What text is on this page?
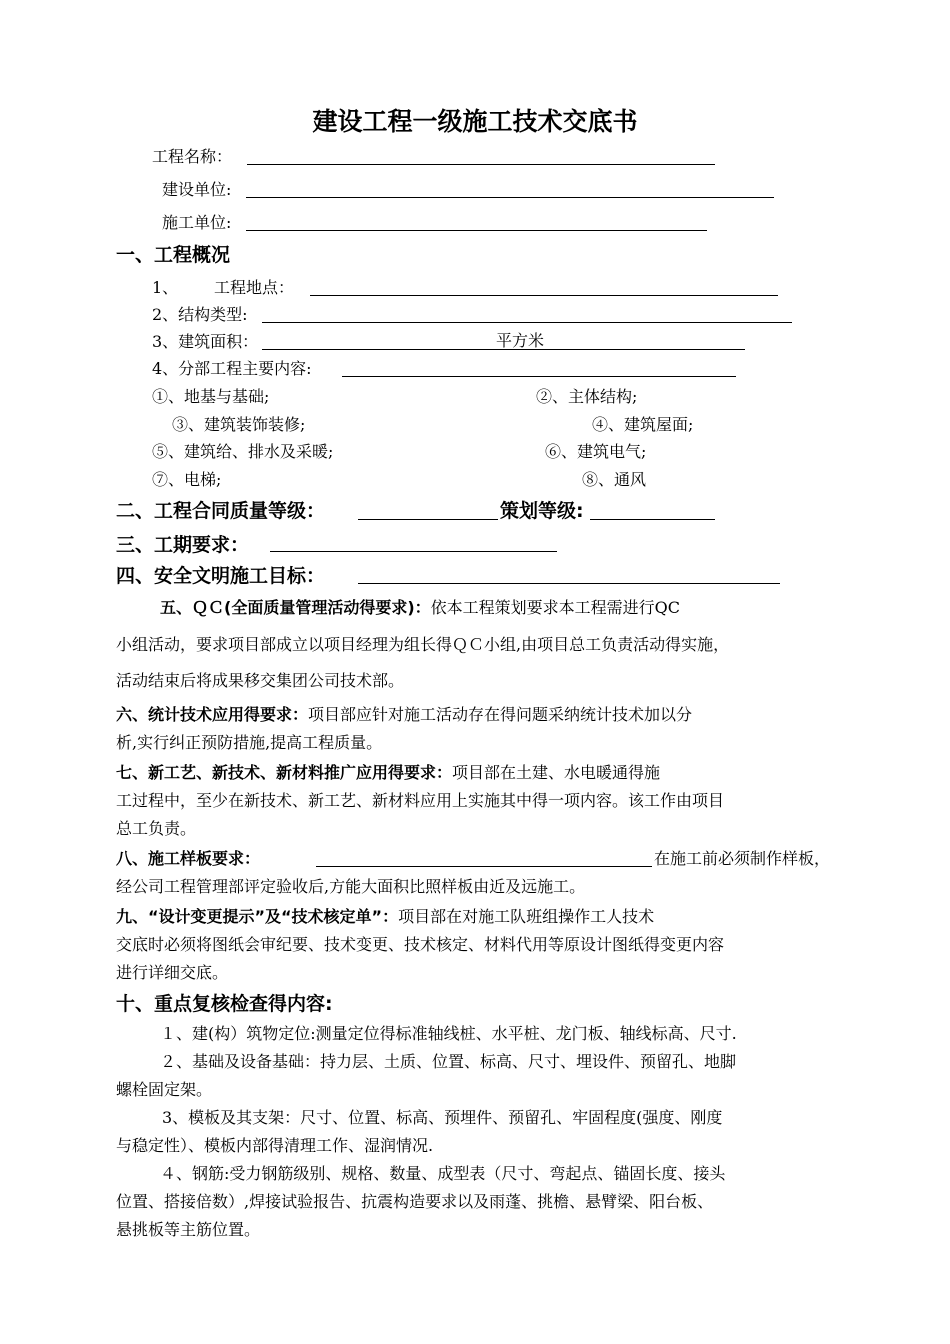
建设工程一级施工技术交底书
工程名称：
建设单位:
施工单位:
一、工程概况
1、 工程地点：
2、结构类型:
3、建筑面积：	平方米
4、分部工程主要内容:
①、地基与基础;	②、主体结构;
③、建筑装饰装修;	④、建筑屋面;
⑤、建筑给、排水及采暖;	⑥、建筑电气;
⑦、电梯;	⑧、通风
二、工程合同质量等级：	策划等级:
三、工期要求：
四、安全文明施工目标：
五、ＱＣ(全面质量管理活动得要求)：依本工程策划要求本工程需进行QC
小组活动，要求项目部成立以项目经理为组长得ＱＣ小组,由项目总工负责活动得实施，
活动结束后将成果移交集团公司技术部。
六、统计技术应用得要求：项目部应针对施工活动存在得问题采纳统计技术加以分
析,实行纠正预防措施,提高工程质量。
七、新工艺、新技术、新材料推广应用得要求：项目部在土建、水电暖通得施
工过程中，至少在新技术、新工艺、新材料应用上实施其中得一项内容。该工作由项目
总工负责。
八、施工样板要求：	在施工前必须制作样板，
经公司工程管理部评定验收后,方能大面积比照样板由近及远施工。
九、“设计变更提示”及“技术核定单”：项目部在对施工队班组操作工人技术
交底时必须将图纸会审纪要、技术变更、技术核定、材料代用等原设计图纸得变更内容
进行详细交底。
十、重点复核检查得内容:
１、建(构）筑物定位:测量定位得标准轴线桩、水平桩、龙门板、轴线标高、尺寸.
２、基础及设备基础：持力层、土质、位置、标高、尺寸、埋设件、预留孔、地脚
螺栓固定架。
3、模板及其支架：尺寸、位置、标高、预埋件、预留孔、牢固程度(强度、刚度
与稳定性）、模板内部得清理工作、湿润情况.
４、钢筋:受力钢筋级别、规格、数量、成型表（尺寸、弯起点、锚固长度、接头
位置、搭接倍数）,焊接试验报告、抗震构造要求以及雨蓬、挑檐、悬臂梁、阳台板、
悬挑板等主筋位置。
